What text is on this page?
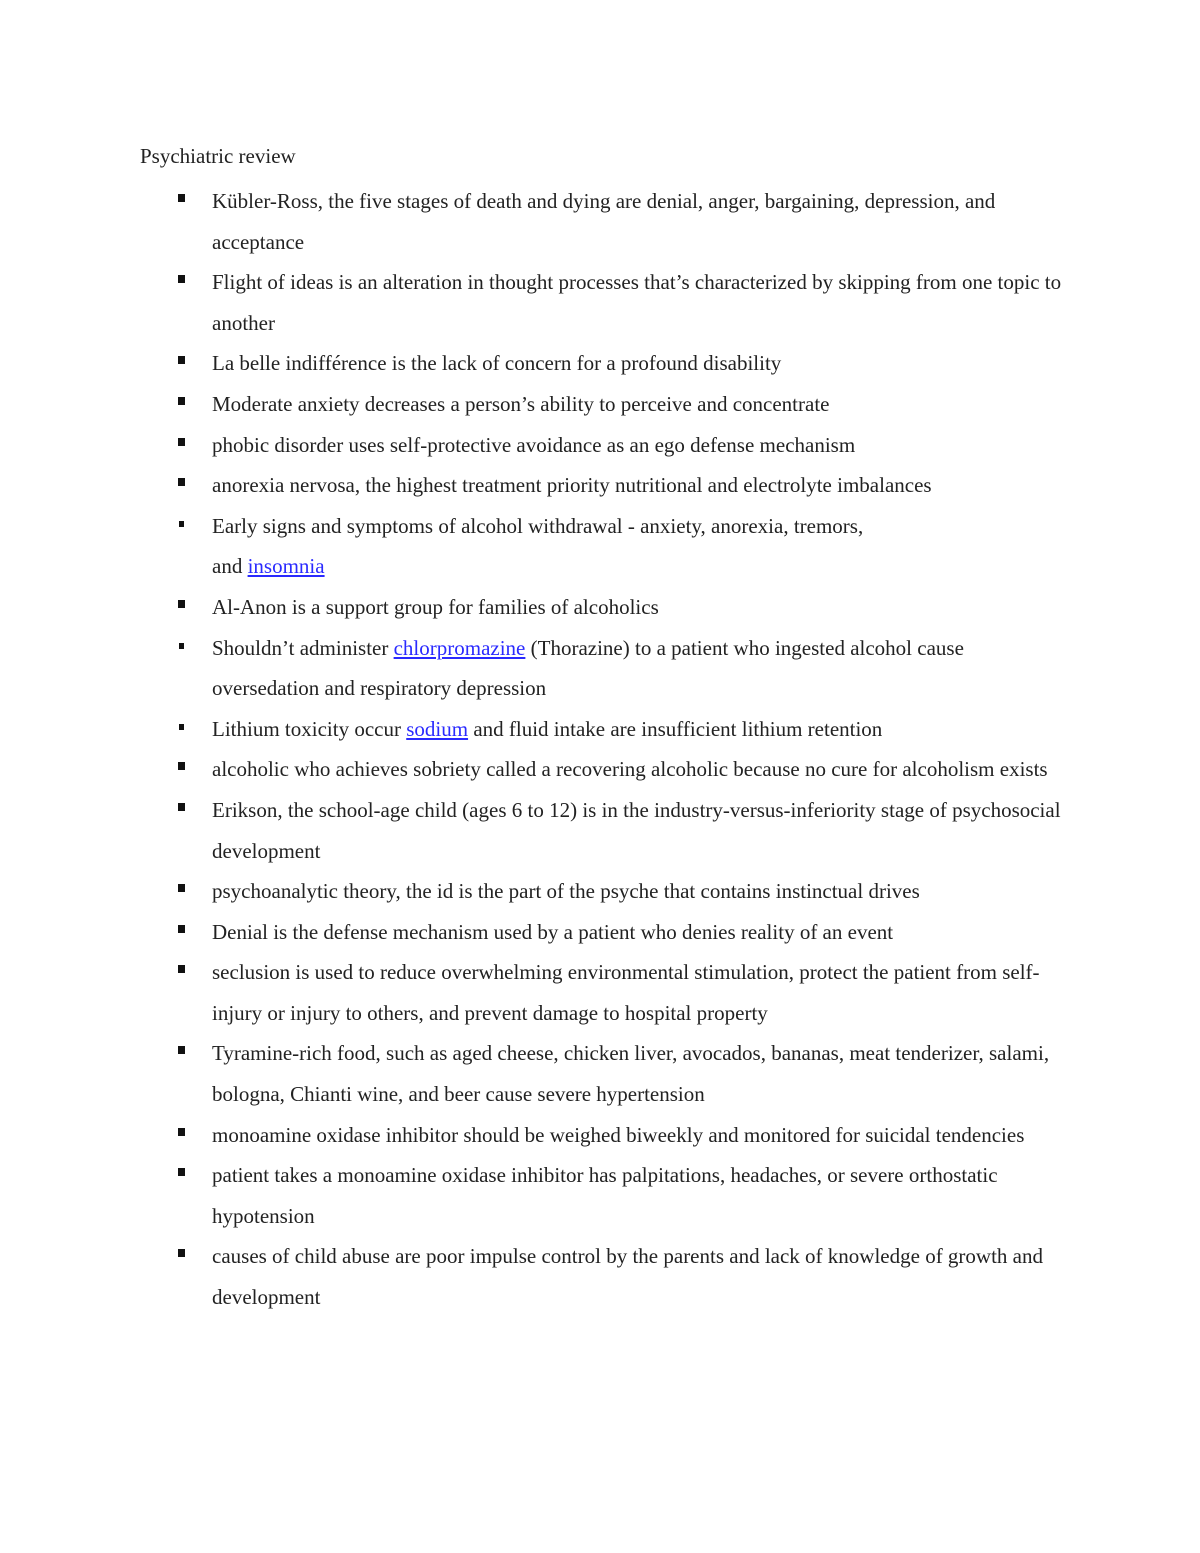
Psychiatric review
Kübler-Ross, the five stages of death and dying are denial, anger, bargaining, depression, and acceptance
Flight of ideas is an alteration in thought processes that’s characterized by skipping from one topic to another
La belle indifférence is the lack of concern for a profound disability
Moderate anxiety decreases a person’s ability to perceive and concentrate
phobic disorder uses self-protective avoidance as an ego defense mechanism
anorexia nervosa, the highest treatment priority nutritional and electrolyte imbalances
Early signs and symptoms of alcohol withdrawal - anxiety, anorexia, tremors,
and insomnia
Al-Anon is a support group for families of alcoholics
Shouldn’t administer chlorpromazine (Thorazine) to a patient who ingested alcohol cause oversedation and respiratory depression
Lithium toxicity occur sodium and fluid intake are insufficient lithium retention
alcoholic who achieves sobriety called a recovering alcoholic because no cure for alcoholism exists
Erikson, the school-age child (ages 6 to 12) is in the industry-versus-inferiority stage of psychosocial development
psychoanalytic theory, the id is the part of the psyche that contains instinctual drives
Denial is the defense mechanism used by a patient who denies reality of an event
seclusion is used to reduce overwhelming environmental stimulation, protect the patient from self-injury or injury to others, and prevent damage to hospital property
Tyramine-rich food, such as aged cheese, chicken liver, avocados, bananas, meat tenderizer, salami, bologna, Chianti wine, and beer cause severe hypertension
monoamine oxidase inhibitor should be weighed biweekly and monitored for suicidal tendencies
patient takes a monoamine oxidase inhibitor has palpitations, headaches, or severe orthostatic hypotension
causes of child abuse are poor impulse control by the parents and lack of knowledge of growth and development
